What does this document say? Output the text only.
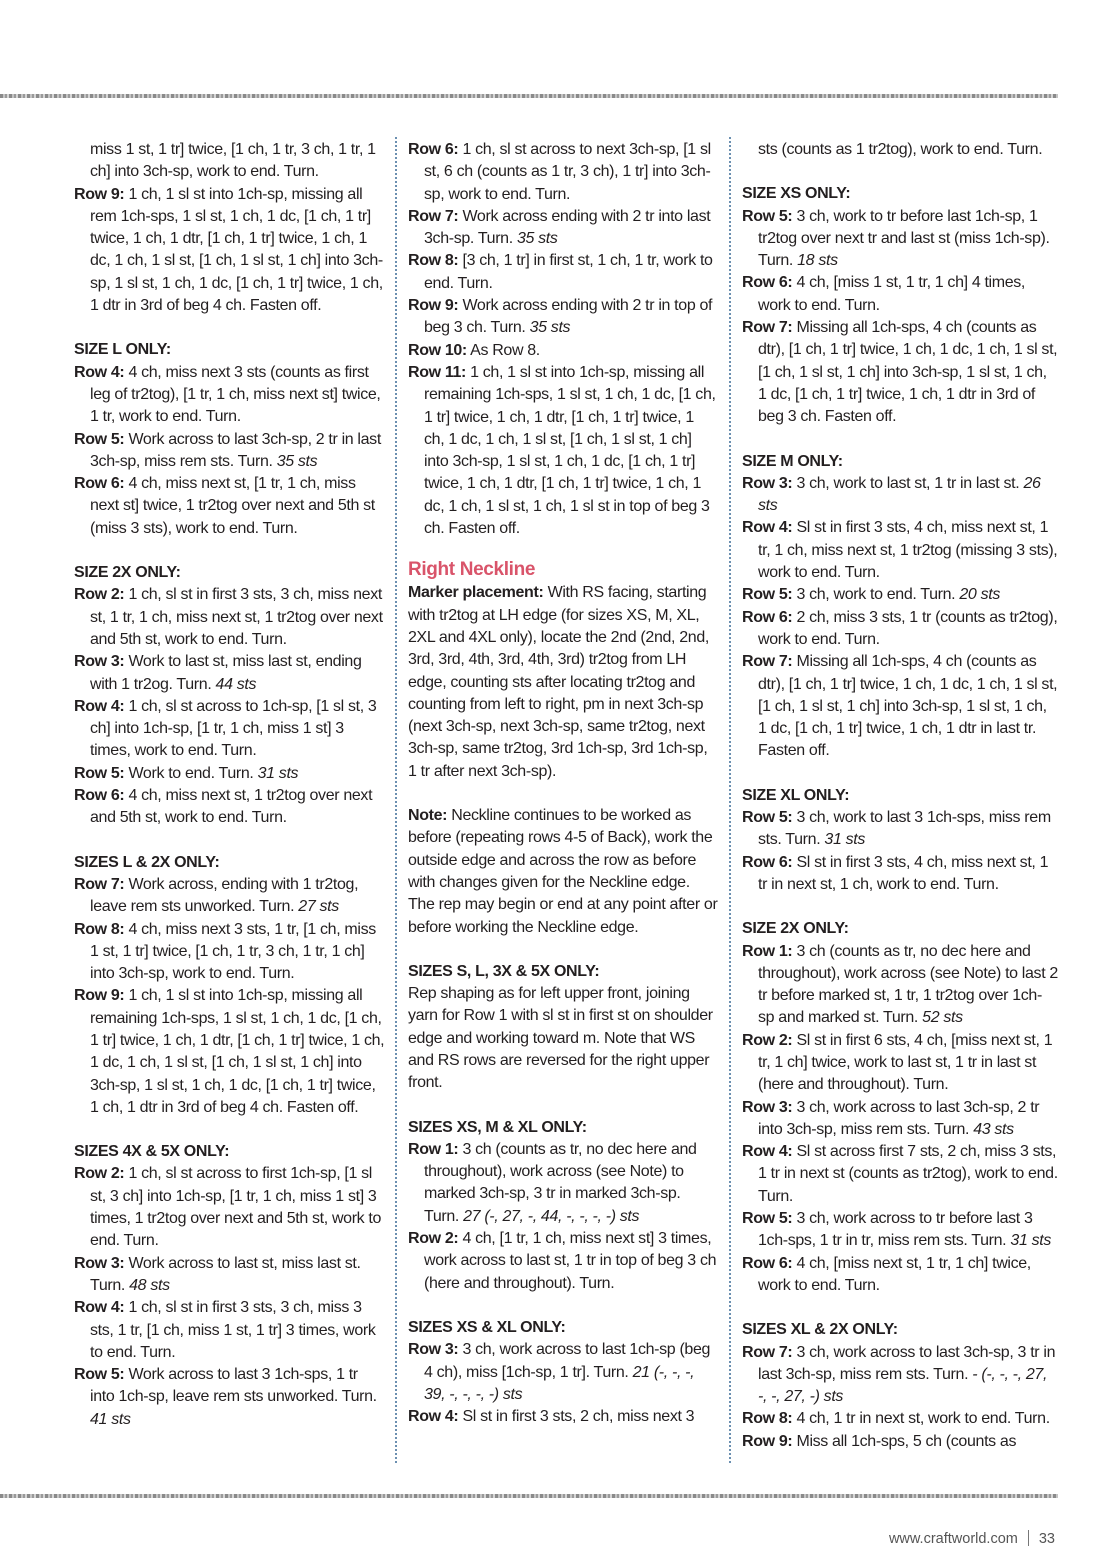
miss 1 st, 1 tr] twice, [1 ch, 1 tr, 3 ch, 1 tr, 1 ch] into 3ch-sp, work to end. Turn.

Row 9: 1 ch, 1 sl st into 1ch-sp, missing all rem 1ch-sps, 1 sl st, 1 ch, 1 dc, [1 ch, 1 tr] twice, 1 ch, 1 dtr, [1 ch, 1 tr] twice, 1 ch, 1 dc, 1 ch, 1 sl st, [1 ch, 1 sl st, 1 ch] into 3ch-sp, 1 sl st, 1 ch, 1 dc, [1 ch, 1 tr] twice, 1 ch, 1 dtr in 3rd of beg 4 ch. Fasten off.

SIZE L ONLY:

Row 4: 4 ch, miss next 3 sts (counts as first leg of tr2tog), [1 tr, 1 ch, miss next st] twice, 1 tr, work to end. Turn.

Row 5: Work across to last 3ch-sp, 2 tr in last 3ch-sp, miss rem sts. Turn. 35 sts

Row 6: 4 ch, miss next st, [1 tr, 1 ch, miss next st] twice, 1 tr2tog over next and 5th st (miss 3 sts), work to end. Turn.

SIZE 2X ONLY:

Row 2: 1 ch, sl st in first 3 sts, 3 ch, miss next st, 1 tr, 1 ch, miss next st, 1 tr2tog over next and 5th st, work to end. Turn.

Row 3: Work to last st, miss last st, ending with 1 tr2og. Turn. 44 sts

Row 4: 1 ch, sl st across to 1ch-sp, [1 sl st, 3 ch] into 1ch-sp, [1 tr, 1 ch, miss 1 st] 3 times, work to end. Turn.

Row 5: Work to end. Turn. 31 sts

Row 6: 4 ch, miss next st, 1 tr2tog over next and 5th st, work to end. Turn.

SIZES L & 2X ONLY:

Row 7: Work across, ending with 1 tr2tog, leave rem sts unworked. Turn. 27 sts

Row 8: 4 ch, miss next 3 sts, 1 tr, [1 ch, miss 1 st, 1 tr] twice, [1 ch, 1 tr, 3 ch, 1 tr, 1 ch] into 3ch-sp, work to end. Turn.

Row 9: 1 ch, 1 sl st into 1ch-sp, missing all remaining 1ch-sps, 1 sl st, 1 ch, 1 dc, [1 ch, 1 tr] twice, 1 ch, 1 dtr, [1 ch, 1 tr] twice, 1 ch, 1 dc, 1 ch, 1 sl st, [1 ch, 1 sl st, 1 ch] into 3ch-sp, 1 sl st, 1 ch, 1 dc, [1 ch, 1 tr] twice, 1 ch, 1 dtr in 3rd of beg 4 ch. Fasten off.

SIZES 4X & 5X ONLY:

Row 2: 1 ch, sl st across to first 1ch-sp, [1 sl st, 3 ch] into 1ch-sp, [1 tr, 1 ch, miss 1 st] 3 times, 1 tr2tog over next and 5th st, work to end. Turn.

Row 3: Work across to last st, miss last st. Turn. 48 sts

Row 4: 1 ch, sl st in first 3 sts, 3 ch, miss 3 sts, 1 tr, [1 ch, miss 1 st, 1 tr] 3 times, work to end. Turn.

Row 5: Work across to last 3 1ch-sps, 1 tr into 1ch-sp, leave rem sts unworked. Turn. 41 sts

Row 6: 1 ch, sl st across to next 3ch-sp, [1 sl st, 6 ch (counts as 1 tr, 3 ch), 1 tr] into 3ch-sp, work to end. Turn.

Row 7: Work across ending with 2 tr into last 3ch-sp. Turn. 35 sts

Row 8: [3 ch, 1 tr] in first st, 1 ch, 1 tr, work to end. Turn.

Row 9: Work across ending with 2 tr in top of beg 3 ch. Turn. 35 sts

Row 10: As Row 8.

Row 11: 1 ch, 1 sl st into 1ch-sp, missing all remaining 1ch-sps, 1 sl st, 1 ch, 1 dc, [1 ch, 1 tr] twice, 1 ch, 1 dtr, [1 ch, 1 tr] twice, 1 ch, 1 dc, 1 ch, 1 sl st, [1 ch, 1 sl st, 1 ch] into 3ch-sp, 1 sl st, 1 ch, 1 dc, [1 ch, 1 tr] twice, 1 ch, 1 dtr, [1 ch, 1 tr] twice, 1 ch, 1 dc, 1 ch, 1 sl st, 1 ch, 1 sl st in top of beg 3 ch. Fasten off.

Right Neckline

Marker placement: With RS facing, starting with tr2tog at LH edge (for sizes XS, M, XL, 2XL and 4XL only), locate the 2nd (2nd, 2nd, 3rd, 3rd, 4th, 3rd, 4th, 3rd) tr2tog from LH edge, counting sts after locating tr2tog and counting from left to right, pm in next 3ch-sp (next 3ch-sp, next 3ch-sp, same tr2tog, next 3ch-sp, same tr2tog, 3rd 1ch-sp, 3rd 1ch-sp, 1 tr after next 3ch-sp).

Note: Neckline continues to be worked as before (repeating rows 4-5 of Back), work the outside edge and across the row as before with changes given for the Neckline edge. The rep may begin or end at any point after or before working the Neckline edge.

SIZES S, L, 3X & 5X ONLY:

Rep shaping as for left upper front, joining yarn for Row 1 with sl st in first st on shoulder edge and working toward m. Note that WS and RS rows are reversed for the right upper front.

SIZES XS, M & XL ONLY:

Row 1: 3 ch (counts as tr, no dec here and throughout), work across (see Note) to marked 3ch-sp, 3 tr in marked 3ch-sp. Turn. 27 (-, 27, -, 44, -, -, -, -) sts

Row 2: 4 ch, [1 tr, 1 ch, miss next st] 3 times, work across to last st, 1 tr in top of beg 3 ch (here and throughout). Turn.

SIZES XS & XL ONLY:

Row 3: 3 ch, work across to last 1ch-sp (beg 4 ch), miss [1ch-sp, 1 tr]. Turn. 21 (-, -, -, 39, -, -, -, -) sts

Row 4: Sl st in first 3 sts, 2 ch, miss next 3

sts (counts as 1 tr2tog), work to end. Turn.

SIZE XS ONLY:

Row 5: 3 ch, work to tr before last 1ch-sp, 1 tr2tog over next tr and last st (miss 1ch-sp). Turn. 18 sts

Row 6: 4 ch, [miss 1 st, 1 tr, 1 ch] 4 times, work to end. Turn.

Row 7: Missing all 1ch-sps, 4 ch (counts as dtr), [1 ch, 1 tr] twice, 1 ch, 1 dc, 1 ch, 1 sl st, [1 ch, 1 sl st, 1 ch] into 3ch-sp, 1 sl st, 1 ch, 1 dc, [1 ch, 1 tr] twice, 1 ch, 1 dtr in 3rd of beg 3 ch. Fasten off.

SIZE M ONLY:

Row 3: 3 ch, work to last st, 1 tr in last st. 26 sts

Row 4: Sl st in first 3 sts, 4 ch, miss next st, 1 tr, 1 ch, miss next st, 1 tr2tog (missing 3 sts), work to end. Turn.

Row 5: 3 ch, work to end. Turn. 20 sts

Row 6: 2 ch, miss 3 sts, 1 tr (counts as tr2tog), work to end. Turn.

Row 7: Missing all 1ch-sps, 4 ch (counts as dtr), [1 ch, 1 tr] twice, 1 ch, 1 dc, 1 ch, 1 sl st, [1 ch, 1 sl st, 1 ch] into 3ch-sp, 1 sl st, 1 ch, 1 dc, [1 ch, 1 tr] twice, 1 ch, 1 dtr in last tr. Fasten off.

SIZE XL ONLY:

Row 5: 3 ch, work to last 3 1ch-sps, miss rem sts. Turn. 31 sts

Row 6: Sl st in first 3 sts, 4 ch, miss next st, 1 tr in next st, 1 ch, work to end. Turn.

SIZE 2X ONLY:

Row 1: 3 ch (counts as tr, no dec here and throughout), work across (see Note) to last 2 tr before marked st, 1 tr, 1 tr2tog over 1ch-sp and marked st. Turn. 52 sts

Row 2: Sl st in first 6 sts, 4 ch, [miss next st, 1 tr, 1 ch] twice, work to last st, 1 tr in last st (here and throughout). Turn.

Row 3: 3 ch, work across to last 3ch-sp, 2 tr into 3ch-sp, miss rem sts. Turn. 43 sts

Row 4: Sl st across first 7 sts, 2 ch, miss 3 sts, 1 tr in next st (counts as tr2tog), work to end. Turn.

Row 5: 3 ch, work across to tr before last 3 1ch-sps, 1 tr in tr, miss rem sts. Turn. 31 sts

Row 6: 4 ch, [miss next st, 1 tr, 1 ch] twice, work to end. Turn.

SIZES XL & 2X ONLY:

Row 7: 3 ch, work across to last 3ch-sp, 3 tr in last 3ch-sp, miss rem sts. Turn. - (-, -, -, 27, -, -, 27, -) sts

Row 8: 4 ch, 1 tr in next st, work to end. Turn.

Row 9: Miss all 1ch-sps, 5 ch (counts as

www.craftworld.com 33
